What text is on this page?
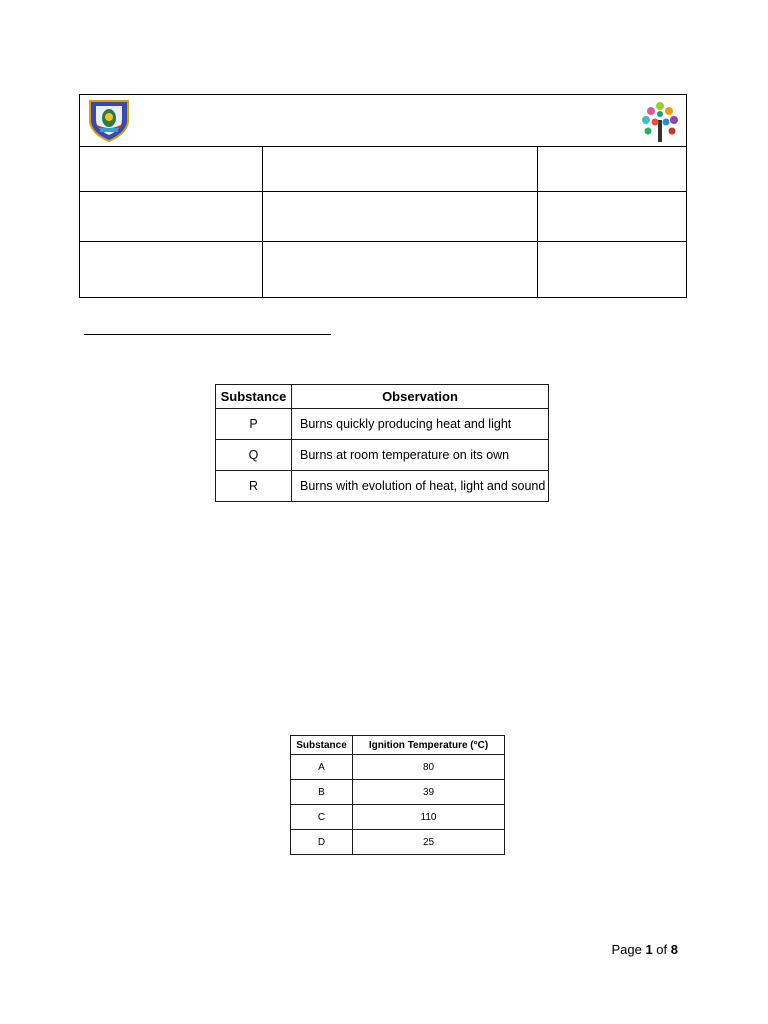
Substance	Observation
P	Burns quickly producing heat and light
Q	Burns at room temperature on its own
R	Burns with evolution of heat, light and sound
Substance	Ignition Temperature (°C)
A	80
B	39
C	110
D	25
Page 1 of 8
